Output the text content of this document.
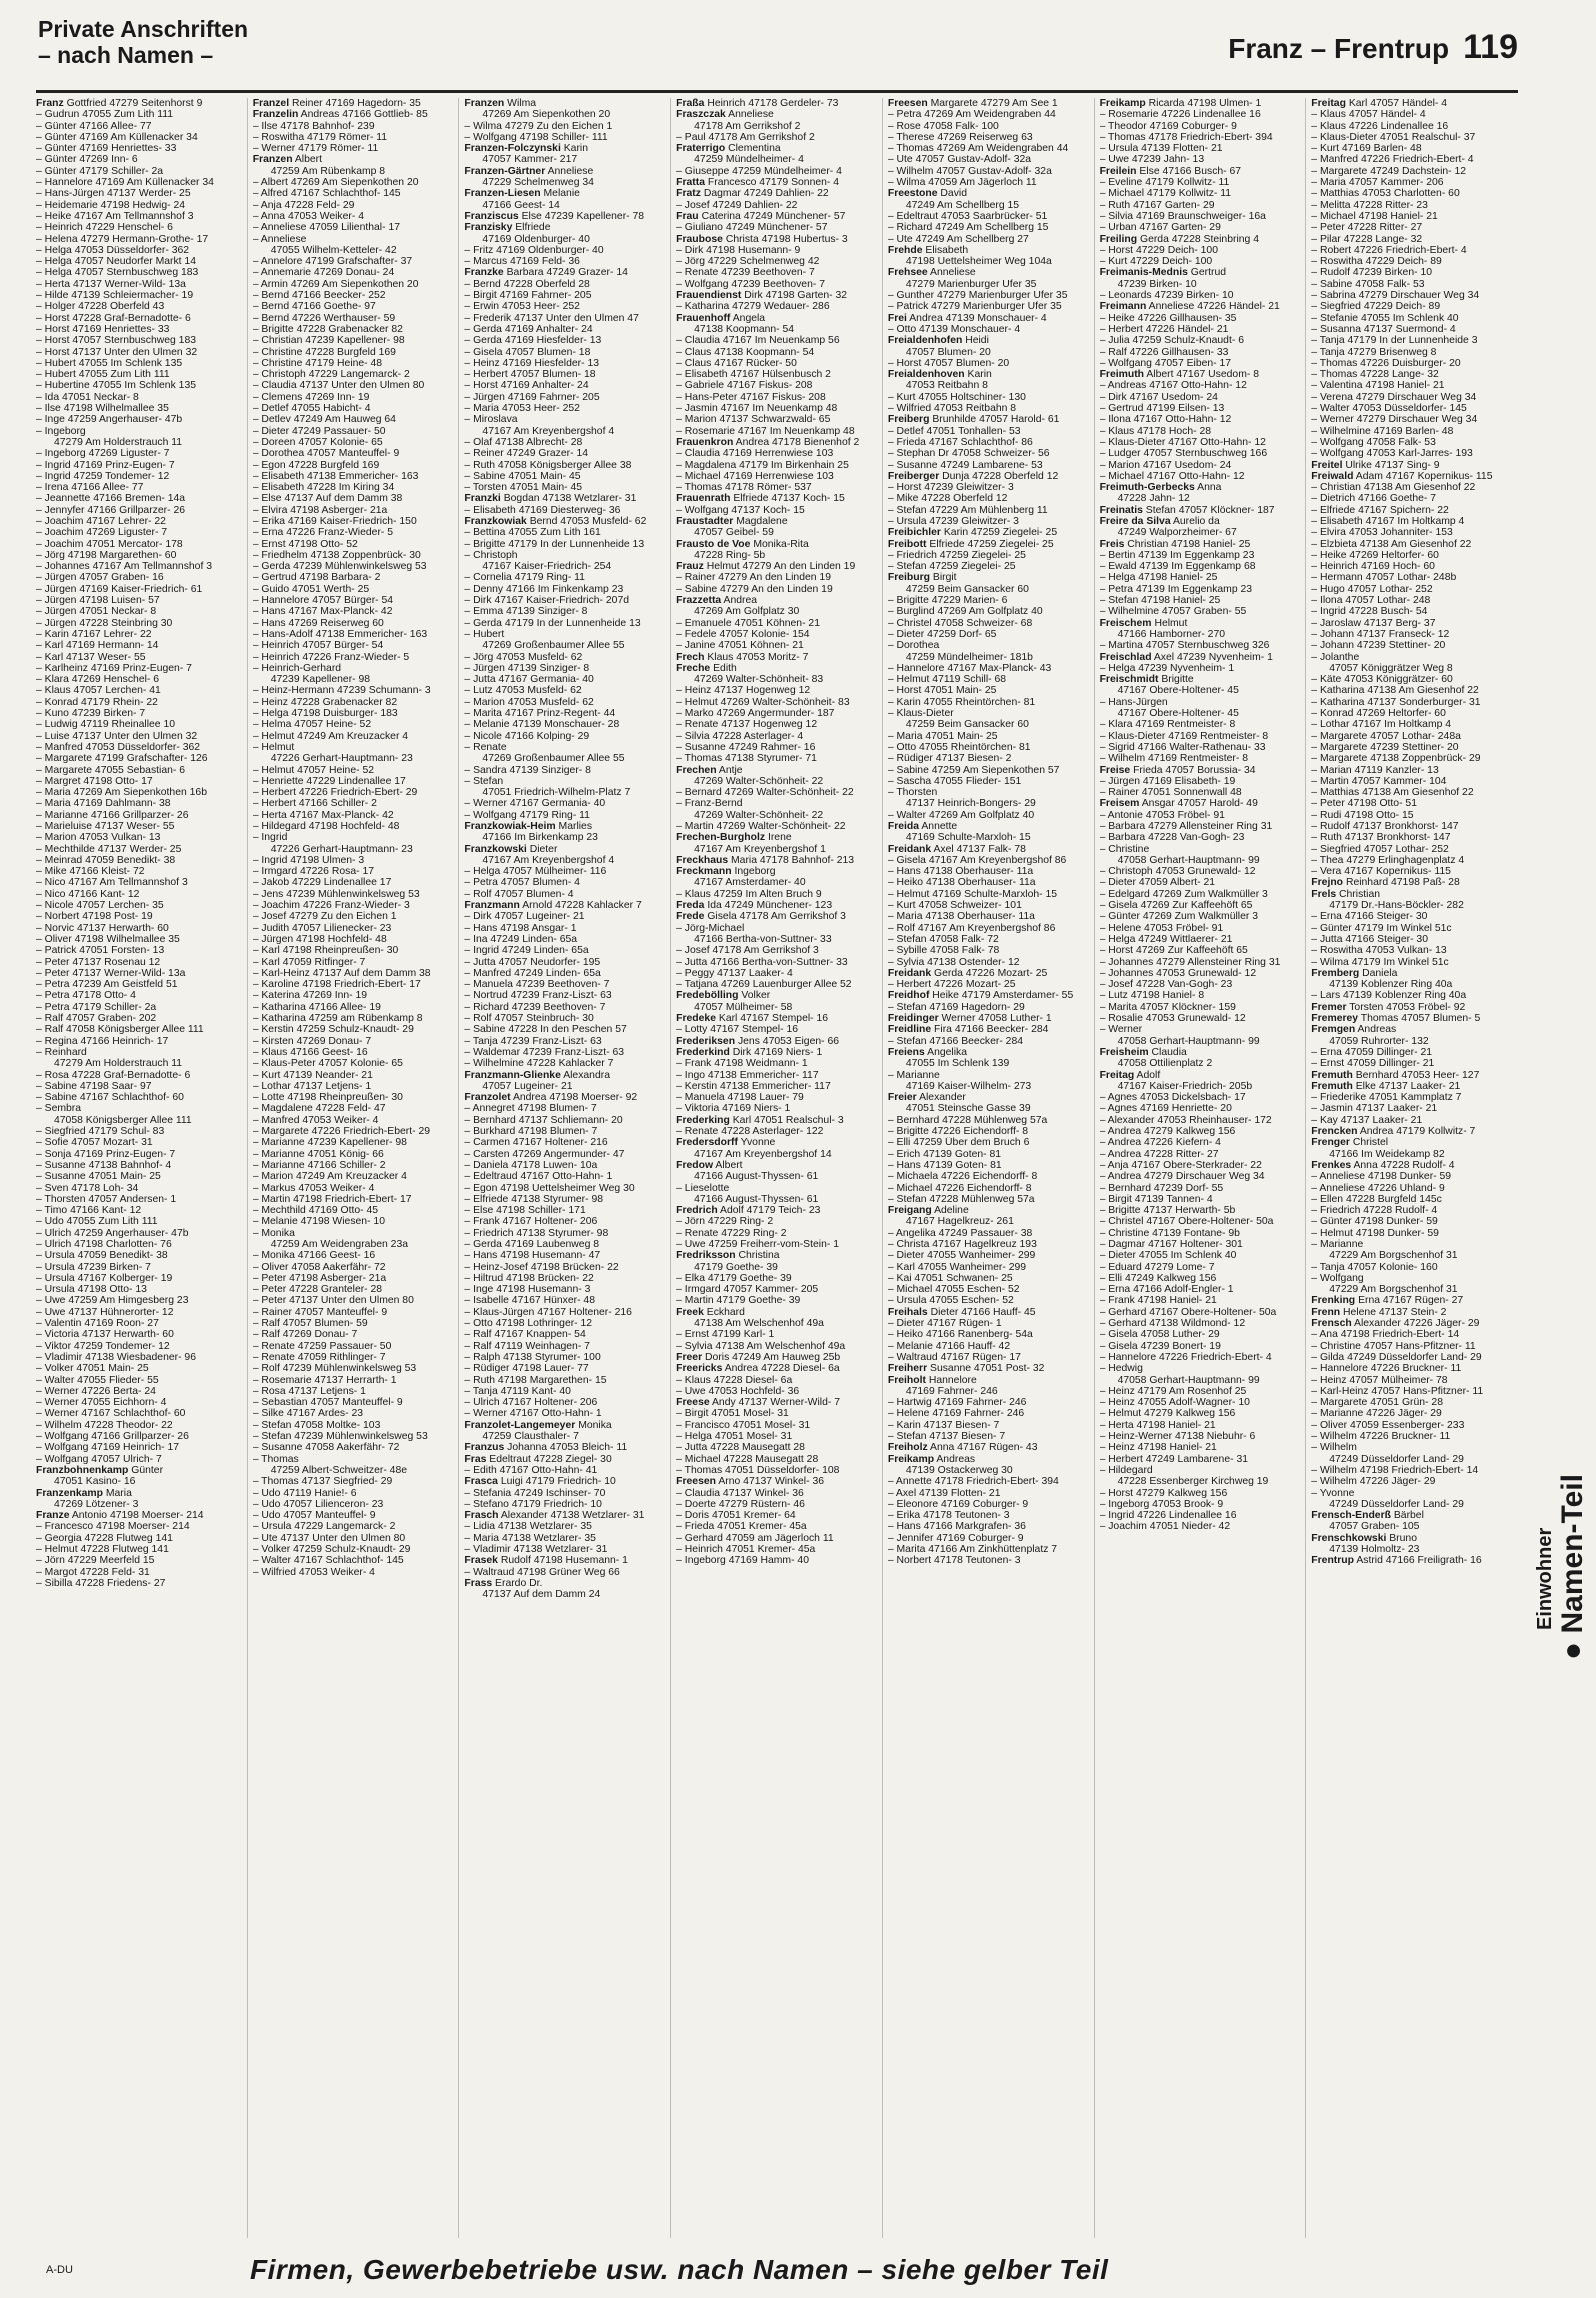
Private Anschriften
– nach Namen –	Franz – Frentrup 119
Franz Gottfried 47279 Seitenhorst 9
– Gudrun 47055 Zum Lith 111
– Günter 47166 Allee- 77
– Günter 47169 Am Küllenacker 34
– Günter 47169 Henriettes- 33
– Günter 47269 Inn- 6
– Günter 47179 Schiller- 2a
– Hannelore 47169 Am Küllenacker 34
– Hans-Jürgen 47137 Werder- 25
– Heidemarie 47198 Hedwig- 24
– Heike 47167 Am Tellmannshof 3
– Heinrich 47229 Henschel- 6
– Helena 47279 Hermann-Grothe- 17
– Helga 47053 Düsseldorfer- 362
– Helga 47057 Neudorfer Markt 14
– Helga 47057 Sternbuschweg 183
– Herta 47137 Werner-Wild- 13a
– Hilde 47139 Schleiermacher- 19
– Holger 47228 Oberfeld 43
– Horst 47228 Graf-Bernadotte- 6
– Horst 47169 Henriettes- 33
– Horst 47057 Sternbuschweg 183
– Horst 47137 Unter den Ulmen 32
– Hubert 47055 Im Schlenk 135
– Hubert 47055 Zum Lith 111
– Hubertine 47055 Im Schlenk 135
– Ida 47051 Neckar- 8
– Ilse 47198 Wilhelmallee 35
– Inge 47259 Angerhauser- 47b
– Ingeborg
47279 Am Holderstrauch 11
– Ingeborg 47269 Liguster- 7
– Ingrid 47169 Prinz-Eugen- 7
– Ingrid 47259 Tondemer- 12
– Irena 47166 Allee- 77
– Jeannette 47166 Bremen- 14a
– Jennyfer 47166 Grillparzer- 26
– Joachim 47167 Lehrer- 22
– Joachim 47269 Liguster- 7
– Joachim 47051 Mercator- 178
– Jörg 47198 Margarethen- 60
– Johannes 47167 Am Tellmannshof 3
– Jürgen 47057 Graben- 16
– Jürgen 47169 Kaiser-Friedrich- 61
– Jürgen 47198 Luisen- 57
– Jürgen 47051 Neckar- 8
– Jürgen 47228 Steinbring 30
– Karin 47167 Lehrer- 22
– Karl 47169 Hermann- 14
– Karl 47137 Weser- 55
– Karlheinz 47169 Prinz-Eugen- 7
– Klara 47269 Henschel- 6
– Klaus 47057 Lerchen- 41
– Konrad 47179 Rhein- 22
– Kuno 47239 Birken- 7
– Ludwig 47119 Rheinallee 10
– Luise 47137 Unter den Ulmen 32
– Manfred 47053 Düsseldorfer- 362
– Margarete 47199 Grafschafter- 126
– Margarete 47055 Sebastian- 6
– Margret 47198 Otto- 17
– Maria 47269 Am Siepenkothen 16b
– Maria 47169 Dahlmann- 38
– Marianne 47166 Grillparzer- 26
– Marieluise 47137 Weser- 55
– Marion 47053 Vulkan- 13
– Mechthilde 47137 Werder- 25
– Meinrad 47059 Benedikt- 38
– Mike 47166 Kleist- 72
– Nico 47167 Am Tellmannshof 3
– Nico 47166 Kant- 12
– Nicole 47057 Lerchen- 35
– Norbert 47198 Post- 19
– Norvic 47137 Herwarth- 60
– Oliver 47198 Wilhelmallee 35
– Patrick 47051 Forsten- 13
– Peter 47137 Rosenau 12
– Peter 47137 Werner-Wild- 13a
– Petra 47239 Am Geistfeld 51
– Petra 47178 Otto- 4
– Petra 47179 Schiller- 2a
– Ralf 47057 Graben- 202
– Ralf 47058 Königsberger Allee 111
– Regina 47166 Heinrich- 17
– Reinhard
47279 Am Holderstrauch 11
– Rosa 47228 Graf-Bernadotte- 6
– Sabine 47198 Saar- 97
– Sabine 47167 Schlachthof- 60
– Sembra
47058 Königsberger Allee 111
– Siegfried 47179 Schul- 83
– Sofie 47057 Mozart- 31
– Sonja 47169 Prinz-Eugen- 7
– Susanne 47138 Bahnhof- 4
– Susanne 47051 Main- 25
– Sven 47178 Loh- 34
– Thorsten 47057 Andersen- 1
– Timo 47166 Kant- 12
– Udo 47055 Zum Lith 111
– Ulrich 47259 Angerhauser- 47b
– Ulrich 47198 Charlotten- 76
– Ursula 47059 Benedikt- 38
– Ursula 47239 Birken- 7
– Ursula 47167 Kolberger- 19
– Ursula 47198 Otto- 13
– Uwe 47259 Am Himgesberg 23
– Uwe 47137 Hühnerorter- 12
– Valentin 47169 Roon- 27
– Victoria 47137 Herwarth- 60
– Viktor 47259 Tondemer- 12
– Vladimir 47138 Wiesbadener- 96
– Volker 47051 Main- 25
– Walter 47055 Flieder- 55
– Werner 47226 Berta- 24
– Werner 47055 Eichhorn- 4
– Werner 47167 Schlachthof- 60
– Wilhelm 47228 Theodor- 22
– Wolfgang 47166 Grillparzer- 26
– Wolfgang 47169 Heinrich- 17
– Wolfgang 47057 Ulrich- 7
Franzbohnenkamp Günter
47051 Kasino- 16
Franzenkamp Maria
47269 Lötzener- 3
Franze Antonio 47198 Moerser- 214
– Francesco 47198 Moerser- 214
– Georgia 47228 Flutweg 141
– Helmut 47228 Flutweg 141
– Jörn 47229 Meerfeld 15
– Margot 47228 Feld- 31
– Sibilla 47228 Friedens- 27
Franzel Reiner 47169 Hagedorn- 35
Franzelin Andreas 47166 Gottlieb- 85
– Ilse 47178 Bahnhof- 239
– Roswitha 47179 Römer- 11
– Werner 47179 Römer- 11
Franzen Albert
47259 Am Rübenkamp 8
– Albert 47269 Am Siepenkothen 20
– Alfred 47167 Schlachthof- 145
– Anja 47228 Feld- 29
– Anna 47053 Weiker- 4
– Anneliese 47059 Lilienthal- 17
– Anneliese
47055 Wilhelm-Ketteler- 42
– Annelore 47199 Grafschafter- 37
– Annemarie 47269 Donau- 24
– Armin 47269 Am Siepenkothen 20
– Bernd 47166 Beecker- 252
– Bernd 47166 Goethe- 97
– Bernd 47226 Werthauser- 59
– Brigitte 47228 Grabenacker 82
– Christian 47239 Kapellener- 98
– Christine 47228 Burgfeld 169
– Christine 47179 Heine- 48
– Christoph 47229 Langemarck- 2
– Claudia 47137 Unter den Ulmen 80
– Clemens 47269 Inn- 19
– Detlef 47055 Habicht- 4
– Detlev 47249 Am Hauweg 64
– Dieter 47249 Passauer- 50
– Doreen 47057 Kolonie- 65
– Dorothea 47057 Manteuffel- 9
– Egon 47228 Burgfeld 169
– Elisabeth 47138 Emmericher- 163
– Elisabeth 47228 Im Kiring 34
– Else 47137 Auf dem Damm 38
– Elvira 47198 Asberger- 21a
– Erika 47169 Kaiser-Friedrich- 150
– Erna 47226 Franz-Wieder- 5
– Ernst 47198 Otto- 52
– Friedhelm 47138 Zoppenbrück- 30
– Gerda 47239 Mühlenwinkelsweg 53
– Gertrud 47198 Barbara- 2
– Guido 47051 Werth- 25
– Hannelore 47057 Bürger- 54
– Hans 47167 Max-Planck- 42
– Hans 47269 Reiserweg 60
– Hans-Adolf 47138 Emmericher- 163
– Heinrich 47057 Bürger- 54
– Heinrich 47226 Franz-Wieder- 5
– Heinrich-Gerhard
47239 Kapellener- 98
– Heinz-Hermann 47239 Schumann- 3
– Heinz 47228 Grabenacker 82
– Helga 47198 Duisburger- 183
– Helma 47057 Heine- 52
– Helmut 47249 Am Kreuzacker 4
– Helmut
47226 Gerhart-Hauptmann- 23
– Helmut 47057 Heine- 52
– Henriette 47229 Lindenallee 17
– Herbert 47226 Friedrich-Ebert- 29
– Herbert 47166 Schiller- 2
– Herta 47167 Max-Planck- 42
– Hildegard 47198 Hochfeld- 48
– Ingrid
47226 Gerhart-Hauptmann- 23
– Ingrid 47198 Ulmen- 3
– Irmgard 47226 Rosa- 17
– Jakob 47229 Lindenallee 17
– Jens 47239 Mühlenwinkelsweg 53
– Joachim 47226 Franz-Wieder- 3
– Josef 47279 Zu den Eichen 1
– Judith 47057 Lilienecker- 23
– Jürgen 47198 Hochfeld- 48
– Karl 47198 Rheinpreußen- 30
– Karl 47059 Ritfinger- 7
– Karl-Heinz 47137 Auf dem Damm 38
– Karoline 47198 Friedrich-Ebert- 17
– Katerina 47269 Inn- 19
– Katharina 47166 Allee- 19
– Katharina 47259 am Rübenkamp 8
– Kerstin 47259 Schulz-Knaudt- 29
– Kirsten 47269 Donau- 7
– Klaus 47166 Geest- 16
– Klaus-Peter 47057 Kolonie- 65
– Kurt 47139 Neander- 21
– Lothar 47137 Letjens- 1
– Lotte 47198 Rheinpreußen- 30
– Magdalene 47228 Feld- 47
– Manfred 47053 Weiker- 4
– Margarete 47226 Friedrich-Ebert- 29
– Marianne 47239 Kapellener- 98
– Marianne 47051 König- 66
– Marianne 47166 Schiller- 2
– Marion 47249 Am Kreuzacker 4
– Markus 47053 Weiker- 4
– Martin 47198 Friedrich-Ebert- 17
– Mechthild 47169 Otto- 45
– Melanie 47198 Wiesen- 10
– Monika
47259 Am Weidengraben 23a
– Monika 47166 Geest- 16
– Oliver 47058 Aakerfähr- 72
– Peter 47198 Asberger- 21a
– Peter 47228 Granteler- 28
– Peter 47137 Unter den Ulmen 80
– Rainer 47057 Manteuffel- 9
– Ralf 47057 Blumen- 59
– Ralf 47269 Donau- 7
– Renate 47259 Passauer- 50
– Renate 47059 Rithlinger- 7
– Rolf 47239 Mühlenwinkelsweg 53
– Rosemarie 47137 Herrarth- 1
– Rosa 47137 Letjens- 1
– Sebastian 47057 Manteuffel- 9
– Silke 47167 Ardes- 23
– Stefan 47058 Moltke- 103
– Stefan 47239 Mühlenwinkelsweg 53
– Susanne 47058 Aakerfähr- 72
– Thomas
47259 Albert-Schweitzer- 48e
– Thomas 47137 Siegfried- 29
– Udo 47119 Hanie!- 6
– Udo 47057 Lilienceron- 23
– Udo 47057 Manteuffel- 9
– Ursula 47229 Langemarck- 2
– Ute 47137 Unter den Ulmen 80
– Volker 47259 Schulz-Knaudt- 29
– Walter 47167 Schlachthof- 145
– Wilfried 47053 Weiker- 4
Franzen Wilma
47269 Am Siepenkothen 20
– Wilma 47279 Zu den Eichen 1
– Wolfgang 47198 Schiller- 111
Franzen-Folczynski Karin
47057 Kammer- 217
Franzen-Gärtner Anneliese
47229 Schelmenweg 34
Franzen-Liesen Melanie
47166 Geest- 14
Franziscus Else 47239 Kapellener- 78
Franzisky Elfriede
47169 Oldenburger- 40
– Fritz 47169 Oldenburger- 40
– Marcus 47169 Feld- 36
Franzke Barbara 47249 Grazer- 14
– Bernd 47228 Oberfeld 28
– Birgit 47169 Fahrner- 205
– Erwin 47053 Heer- 252
– Frederik 47137 Unter den Ulmen 47
– Gerda 47169 Anhalter- 24
– Gerda 47169 Hiesfelder- 13
– Gisela 47057 Blumen- 18
– Heinz 47169 Hiesfelder- 13
– Herbert 47057 Blumen- 18
– Horst 47169 Anhalter- 24
– Jürgen 47169 Fahrner- 205
– Maria 47053 Heer- 252
– Miroslava
47167 Am Kreyenbergshof 4
– Olaf 47138 Albrecht- 28
– Reiner 47249 Grazer- 14
– Ruth 47058 Königsberger Allee 38
– Sabine 47051 Main- 45
– Torsten 47051 Main- 45
Franzki Bogdan 47138 Wetzlarer- 31
– Elisabeth 47169 Diesterweg- 36
Franzkowiak Bernd 47053 Musfeld- 62
– Bettina 47055 Zum Lith 161
– Brigitte 47179 In der Lunnenheide 13
– Christoph
47167 Kaiser-Friedrich- 254
– Cornelia 47179 Ring- 11
– Denny 47166 Im Finkenkamp 23
– Dirk 47167 Kaiser-Friedrich- 207d
– Emma 47139 Sinziger- 8
– Gerda 47179 In der Lunnenheide 13
– Hubert
47269 Großenbaumer Allee 55
– Jörg 47053 Musfeld- 62
– Jürgen 47139 Sinziger- 8
– Jutta 47167 Germania- 40
– Lutz 47053 Musfeld- 62
– Marion 47053 Musfeld- 62
– Marita 47167 Prinz-Regent- 44
– Melanie 47139 Monschauer- 28
– Nicole 47166 Kolping- 29
– Renate
47269 Großenbaumer Allee 55
– Sandra 47139 Sinziger- 8
– Stefan
47051 Friedrich-Wilhelm-Platz 7
– Werner 47167 Germania- 40
– Wolfgang 47179 Ring- 11
Franzkowiak-Heim Marlies
47166 Im Birkenkamp 23
Franzkowski Dieter
47167 Am Kreyenbergshof 4
– Helga 47057 Mülheimer- 116
– Petra 47057 Blumen- 4
– Rolf 47057 Blumen- 4
Franzmann Arnold 47228 Kahlacker 7
– Dirk 47057 Lugeiner- 21
– Hans 47198 Ansgar- 1
– Ina 47249 Linden- 65a
– Ingrid 47249 Linden- 65a
– Jutta 47057 Neudorfer- 195
– Manfred 47249 Linden- 65a
– Manuela 47239 Beethoven- 7
– Nortrud 47239 Franz-Liszt- 63
– Richard 47239 Beethoven- 7
– Rolf 47057 Steinbruch- 30
– Sabine 47228 In den Peschen 57
– Tanja 47239 Franz-Liszt- 63
– Waldemar 47239 Franz-Liszt- 63
– Wilhelmine 47228 Kahlacker 7
Franzmann-Glienke Alexandra
47057 Lugeiner- 21
Franzolet Andrea 47198 Moerser- 92
– Annegret 47198 Blumen- 7
– Bernhard 47137 Schliemann- 20
– Burkhard 47198 Blumen- 7
– Carmen 47167 Holtener- 216
– Carsten 47269 Angermunder- 47
– Daniela 47178 Luwen- 10a
– Edeltraud 47167 Otto-Hahn- 1
– Egon 47198 Uettelsheimer Weg 30
– Elfriede 47138 Styrumer- 98
– Else 47198 Schiller- 171
– Frank 47167 Holtener- 206
– Friedrich 47138 Styrumer- 98
– Gerda 47169 Laubenweg 8
– Hans 47198 Husemann- 47
– Heinz-Josef 47198 Brücken- 22
– Hiltrud 47198 Brücken- 22
– Inge 47198 Husemann- 3
– Isabelle 47167 Hünxer- 48
– Klaus-Jürgen 47167 Holtener- 216
– Otto 47198 Lothringer- 12
– Ralf 47167 Knappen- 54
– Ralf 47119 Weinhagen- 7
– Ralph 47138 Styrumer- 100
– Rüdiger 47198 Lauer- 77
– Ruth 47198 Margarethen- 15
– Tanja 47119 Kant- 40
– Ulrich 47167 Holtener- 206
– Werner 47167 Otto-Hahn- 1
Franzolet-Langemeyer Monika
47259 Clausthaler- 7
Franzus Johanna 47053 Bleich- 11
Fras Edeltraut 47228 Ziegel- 30
– Edith 47167 Otto-Hahn- 41
Frasca Luigi 47179 Friedrich- 10
– Stefania 47249 Ischinser- 70
– Stefano 47179 Friedrich- 10
Frasch Alexander 47138 Wetzlarer- 31
– Lidia 47138 Wetzlarer- 35
– Maria 47138 Wetzlarer- 35
– Vladimir 47138 Wetzlarer- 31
Frasek Rudolf 47198 Husemann- 1
– Waltraud 47198 Grüner Weg 66
Frass Erardo Dr.
47137 Auf dem Damm 24
Fraßa Heinrich 47178 Gerdeler- 73
Fraszczak Anneliese
47178 Am Gerrikshof 2
– Paul 47178 Am Gerrikshof 2
Fraterrigo Clementina
47259 Mündelheimer- 4
– Giuseppe 47259 Mündelheimer- 4
Fratta Francesco 47179 Sonnen- 4
Fratz Dagmar 47249 Dahlien- 22
– Josef 47249 Dahlien- 22
Frau Caterina 47249 Münchener- 57
– Giuliano 47249 Münchener- 57
Fraubose Christa 47198 Hubertus- 3
– Dirk 47198 Husemann- 9
– Jörg 47229 Schelmenweg 42
– Renate 47239 Beethoven- 7
– Wolfgang 47239 Beethoven- 7
Frauendienst Dirk 47198 Garten- 32
– Katharina 47279 Wedauer- 286
Frauenhoff Angela
47138 Koopmann- 54
– Claudia 47167 Im Neuenkamp 56
– Claus 47138 Koopmann- 54
– Claus 47167 Rücker- 50
– Elisabeth 47167 Hülsenbusch 2
– Gabriele 47167 Fiskus- 208
– Hans-Peter 47167 Fiskus- 208
– Jasmin 47167 Im Neuenkamp 48
– Marion 47137 Schwarzwald- 65
– Rosemarie 47167 Im Neuenkamp 48
Frauenkron Andrea 47178 Bienenhof 2
– Claudia 47169 Herrenwiese 103
– Magdalena 47179 Im Birkenhain 25
– Michael 47169 Herrenwiese 103
– Thomas 47178 Römer- 537
Frauenrath Elfriede 47137 Koch- 15
– Wolfgang 47137 Koch- 15
Fraustadter Magdalene
47057 Geibel- 59
Frausto de Voe Monika-Rita
47228 Ring- 5b
Frauz Helmut 47279 An den Linden 19
– Rainer 47279 An den Linden 19
– Sabine 47279 An den Linden 19
Frazzetta Andrea
47269 Am Golfplatz 30
– Emanuele 47051 Köhnen- 21
– Fedele 47057 Kolonie- 154
– Janine 47051 Köhnen- 21
Frech Klaus 47053 Moritz- 7
Freche Edith
47269 Walter-Schönheit- 83
– Heinz 47137 Hogenweg 12
– Helmut 47269 Walter-Schönheit- 83
– Marko 47269 Angermunder- 187
– Renate 47137 Hogenweg 12
– Silvia 47228 Asterlager- 4
– Susanne 47249 Rahmer- 16
– Thomas 47138 Styrumer- 71
Frechen Antje
47269 Walter-Schönheit- 22
– Bernard 47269 Walter-Schönheit- 22
– Franz-Bernd
47269 Walter-Schönheit- 22
– Martin 47269 Walter-Schönheit- 22
Frechen-Burgholz Irene
47167 Am Kreyenbergshof 1
Freckhaus Maria 47178 Bahnhof- 213
Freckmann Ingeborg
47167 Amsterdamer- 40
– Klaus 47259 Im Alten Bruch 9
Freda Ida 47249 Münchener- 123
Frede Gisela 47178 Am Gerrikshof 3
– Jörg-Michael
47166 Bertha-von-Suttner- 33
– Josef 47178 Am Gerrikshof 3
– Jutta 47166 Bertha-von-Suttner- 33
– Peggy 47137 Laaker- 4
– Tatjana 47269 Lauenburger Allee 52
Fredebölling Volker
47057 Mülheimer- 58
Fredeke Karl 47167 Stempel- 16
– Lotty 47167 Stempel- 16
Frederiksen Jens 47053 Eigen- 66
Frederkind Dirk 47169 Niers- 1
– Frank 47198 Weidmann- 1
– Ingo 47138 Emmericher- 117
– Kerstin 47138 Emmericher- 117
– Manuela 47198 Lauer- 79
– Viktoria 47169 Niers- 1
Frederking Karl 47051 Realschul- 3
– Renate 47228 Asterlager- 122
Fredersdorff Yvonne
47167 Am Kreyenbergshof 14
Fredow Albert
47166 August-Thyssen- 61
– Lieselotte
47166 August-Thyssen- 61
Fredrich Adolf 47179 Teich- 23
– Jörn 47229 Ring- 2
– Renate 47229 Ring- 2
– Uwe 47259 Freiherr-vom-Stein- 1
Fredriksson Christina
47179 Goethe- 39
– Elka 47179 Goethe- 39
– Irmgard 47057 Kammer- 205
– Martin 47179 Goethe- 39
Freek Eckhard
47138 Am Welschenhof 49a
– Ernst 47199 Karl- 1
– Sylvia 47138 Am Welschenhof 49a
Freer Doris 47249 Am Hauweg 25b
Freericks Andrea 47228 Diesel- 6a
– Klaus 47228 Diesel- 6a
– Uwe 47053 Hochfeld- 36
Freese Andy 47137 Werner-Wild- 7
– Birgit 47051 Mosel- 31
– Francisco 47051 Mosel- 31
– Helga 47051 Mosel- 31
– Jutta 47228 Mausegatt 28
– Michael 47228 Mausegatt 28
– Thomas 47051 Düsseldorfer- 108
Freesen Arno 47137 Winkel- 36
– Claudia 47137 Winkel- 36
– Doerte 47279 Rüstern- 46
– Doris 47051 Kremer- 64
– Frieda 47051 Kremer- 45a
– Gerhard 47059 am Jägerloch 11
– Heinrich 47051 Kremer- 45a
– Ingeborg 47169 Hamm- 40
Freesen Margarete 47279 Am See 1
– Petra 47269 Am Weidengraben 44
– Rose 47058 Falk- 100
– Therese 47269 Reiserweg 63
– Thomas 47269 Am Weidengraben 44
– Ute 47057 Gustav-Adolf- 32a
– Wilhelm 47057 Gustav-Adolf- 32a
– Wilma 47059 Am Jägerloch 11
Freestone David
47249 Am Schellberg 15
– Edeltraut 47053 Saarbrücker- 51
– Richard 47249 Am Schellberg 15
– Ute 47249 Am Schellberg 27
Frehde Elisabeth
47198 Uettelsheimer Weg 104a
Frehsee Anneliese
47279 Marienburger Ufer 35
– Gunther 47279 Marienburger Ufer 35
– Patrick 47279 Marienburger Ufer 35
Frei Andrea 47139 Monschauer- 4
– Otto 47139 Monschauer- 4
Freialdenhofen Heidi
47057 Blumen- 20
– Horst 47057 Blumen- 20
Freialdenhoven Karin
47053 Reitbahn 8
– Kurt 47055 Holtschiner- 130
– Wilfried 47053 Reitbahn 8
Freiberg Brunhilde 47057 Harold- 61
– Detlef 47051 Tonhallen- 53
– Frieda 47167 Schlachthof- 86
– Stephan Dr 47058 Schweizer- 56
– Susanne 47249 Lambarene- 53
Freiberger Dunja 47228 Oberfeld 12
– Horst 47239 Gleiwitzer- 3
– Mike 47228 Oberfeld 12
– Stefan 47229 Am Mühlenberg 11
– Ursula 47239 Gleiwitzer- 3
Freibichler Karin 47259 Ziegelei- 25
Freibott Elfriede 47259 Ziegelei- 25
– Friedrich 47259 Ziegelei- 25
– Stefan 47259 Ziegelei- 25
Freiburg Birgit
47259 Beim Gansacker 60
– Brigitte 47229 Marien- 6
– Burglind 47269 Am Golfplatz 40
– Christel 47058 Schweizer- 68
– Dieter 47259 Dorf- 65
– Dorothea
47259 Mündelheimer- 181b
– Hannelore 47167 Max-Planck- 43
– Helmut 47119 Schill- 68
– Horst 47051 Main- 25
– Karin 47055 Rheintörchen- 81
– Klaus-Dieter
47259 Beim Gansacker 60
– Maria 47051 Main- 25
– Otto 47055 Rheintörchen- 81
– Rüdiger 47137 Biesen- 2
– Sabine 47259 Am Siepenkothen 57
– Sascha 47055 Flieder- 151
– Thorsten
47137 Heinrich-Bongers- 29
– Walter 47269 Am Golfplatz 40
Freida Annette
47169 Schulte-Marxloh- 15
Freidank Axel 47137 Falk- 78
– Gisela 47167 Am Kreyenbergshof 86
– Hans 47138 Oberhauser- 11a
– Heiko 47138 Oberhauser- 11a
– Helmut 47169 Schulte-Marxloh- 15
– Kurt 47058 Schweizer- 101
– Maria 47138 Oberhauser- 11a
– Rolf 47167 Am Kreyenbergshof 86
– Stefan 47058 Falk- 72
– Sybille 47058 Falk- 78
– Sylvia 47138 Ostender- 12
Freidank Gerda 47226 Mozart- 25
– Herbert 47226 Mozart- 25
Freidhof Heike 47179 Amsterdamer- 55
– Stefan 47169 Hagedorn- 29
Freidinger Werner 47058 Luther- 1
Freidline Fira 47166 Beecker- 284
– Stefan 47166 Beecker- 284
Freiens Angelika
47055 Im Schlenk 139
– Marianne
47169 Kaiser-Wilhelm- 273
Freier Alexander
47051 Steinsche Gasse 39
– Bernhard 47228 Mühlenweg 57a
– Brigitte 47226 Eichendorff- 8
– Elli 47259 Über dem Bruch 6
– Erich 47139 Goten- 81
– Hans 47139 Goten- 81
– Michaela 47226 Eichendorff- 8
– Michael 47226 Eichendorff- 8
– Stefan 47228 Mühlenweg 57a
Freigang Adeline
47167 Hagelkreuz- 261
– Angelika 47249 Passauer- 38
– Christa 47167 Hagelkreuz 193
– Dieter 47055 Wanheimer- 299
– Karl 47055 Wanheimer- 299
– Kai 47051 Schwanen- 25
– Michael 47055 Eschen- 52
– Ursula 47055 Eschen- 52
Freihals Dieter 47166 Hauff- 45
– Dieter 47167 Rügen- 1
– Heiko 47166 Ranenberg- 54a
– Melanie 47166 Hauff- 42
– Waltraud 47167 Rügen- 17
Freiherr Susanne 47051 Post- 32
Freiholt Hannelore
47169 Fahrner- 246
– Hartwig 47169 Fahrner- 246
– Helene 47169 Fahrner- 246
– Karin 47137 Biesen- 7
– Stefan 47137 Biesen- 7
Freiholz Anna 47167 Rügen- 43
Freikamp Andreas
47139 Ostackerweg 30
– Annette 47178 Friedrich-Ebert- 394
– Axel 47139 Flotten- 21
– Eleonore 47169 Coburger- 9
– Erika 47178 Teutonen- 3
– Hans 47166 Markgrafen- 36
– Jennifer 47169 Coburger- 9
– Marita 47166 Am Zinkhüttenplatz 7
– Norbert 47178 Teutonen- 3
Freikamp Ricarda 47198 Ulmen- 1
– Rosemarie 47226 Lindenallee 16
– Theodor 47169 Coburger- 9
– Thomas 47178 Friedrich-Ebert- 394
– Ursula 47139 Flotten- 21
– Uwe 47239 Jahn- 13
Freilein Else 47166 Busch- 67
– Eveline 47179 Kollwitz- 11
– Michael 47179 Kollwitz- 11
– Ruth 47167 Garten- 29
– Silvia 47169 Braunschweiger- 16a
– Urban 47167 Garten- 29
Freiling Gerda 47228 Steinbring 4
– Horst 47229 Deich- 100
– Kurt 47229 Deich- 100
Freimanis-Mednis Gertrud
47239 Birken- 10
– Leonards 47239 Birken- 10
Freimann Anneliese 47226 Händel- 21
– Heike 47226 Gillhausen- 35
– Herbert 47226 Händel- 21
– Julia 47259 Schulz-Knaudt- 6
– Ralf 47226 Gillhausen- 33
– Wolfgang 47057 Eiben- 17
Freimuth Albert 47167 Usedom- 8
– Andreas 47167 Otto-Hahn- 12
– Dirk 47167 Usedom- 24
– Gertrud 47199 Eilsen- 13
– Ilona 47167 Otto-Hahn- 12
– Klaus 47178 Hoch- 28
– Klaus-Dieter 47167 Otto-Hahn- 12
– Ludger 47057 Sternbuschweg 166
– Marion 47167 Usedom- 24
– Michael 47167 Otto-Hahn- 12
Freimuth-Gerbecks Anna
47228 Jahn- 12
Freinatis Stefan 47057 Klöckner- 187
Freire da Silva Aurelio da
47249 Walporzheimer- 67
Freis Christian 47198 Haniel- 25
– Bertin 47139 Im Eggenkamp 23
– Ewald 47139 Im Eggenkamp 68
– Helga 47198 Haniel- 25
– Petra 47139 Im Eggenkamp 23
– Stefan 47198 Haniel- 25
– Wilhelmine 47057 Graben- 55
Freischem Helmut
47166 Hamborner- 270
– Martina 47057 Sternbuschweg 326
Freischlad Axel 47239 Nyvenheim- 1
– Helga 47239 Nyvenheim- 1
Freischmidt Brigitte
47167 Obere-Holtener- 45
– Hans-Jürgen
47167 Obere-Holtener- 45
– Klara 47169 Rentmeister- 8
– Klaus-Dieter 47169 Rentmeister- 8
– Sigrid 47166 Walter-Rathenau- 33
– Wilhelm 47169 Rentmeister- 8
Freise Frieda 47057 Borussia- 34
– Jürgen 47169 Elisabeth- 19
– Rainer 47051 Sonnenwall 48
Freisem Ansgar 47057 Harold- 49
– Antonie 47053 Fröbel- 91
– Barbara 47279 Allensteiner Ring 31
– Barbara 47228 Van-Gogh- 23
– Christine
47058 Gerhart-Hauptmann- 99
– Christoph 47053 Grunewald- 12
– Dieter 47059 Albert- 21
– Edelgard 47269 Zum Walkmüller 3
– Gisela 47269 Zur Kaffeehöft 65
– Günter 47269 Zum Walkmüller 3
– Helene 47053 Fröbel- 91
– Helga 47249 Wittlaerer- 21
– Horst 47269 Zur Kaffeehöft 65
– Johannes 47279 Allensteiner Ring 31
– Johannes 47053 Grunewald- 12
– Josef 47228 Van-Gogh- 23
– Lutz 47198 Haniel- 8
– Marita 47057 Klöckner- 159
– Rosalie 47053 Grunewald- 12
– Werner
47058 Gerhart-Hauptmann- 99
Freisheim Claudia
47058 Ottilienplatz 2
Freitag Adolf
47167 Kaiser-Friedrich- 205b
– Agnes 47053 Dickelsbach- 17
– Agnes 47169 Henriette- 20
– Alexander 47053 Rheinhauser- 172
– Andrea 47279 Kalkweg 156
– Andrea 47226 Kiefern- 4
– Andrea 47228 Ritter- 27
– Anja 47167 Obere-Sterkrader- 22
– Andrea 47279 Dirschauer Weg 34
– Bernhard 47239 Dorf- 55
– Birgit 47139 Tannen- 4
– Brigitte 47137 Herwarth- 5b
– Christel 47167 Obere-Holtener- 50a
– Christine 47139 Fontane- 9b
– Dagmar 47167 Holtener- 301
– Dieter 47055 Im Schlenk 40
– Eduard 47279 Lome- 7
– Elli 47249 Kalkweg 156
– Erna 47166 Adolf-Engler- 1
– Frank 47198 Haniel- 21
– Gerhard 47167 Obere-Holtener- 50a
– Gerhard 47138 Wildmond- 12
– Gisela 47058 Luther- 29
– Gisela 47239 Bonert- 19
– Hannelore 47226 Friedrich-Ebert- 4
– Hedwig
47058 Gerhart-Hauptmann- 99
– Heinz 47179 Am Rosenhof 25
– Heinz 47055 Adolf-Wagner- 10
– Helmut 47279 Kalkweg 156
– Herta 47198 Haniel- 21
– Heinz-Werner 47138 Niebuhr- 6
– Heinz 47198 Haniel- 21
– Herbert 47249 Lambarene- 31
– Hildegard
47228 Essenberger Kirchweg 19
– Horst 47279 Kalkweg 156
– Ingeborg 47053 Brook- 9
– Ingrid 47226 Lindenallee 16
– Joachim 47051 Nieder- 42
Freitag Karl 47057 Händel- 4
– Klaus 47057 Händel- 4
– Klaus 47226 Lindenallee 16
– Klaus-Dieter 47051 Realschul- 37
– Kurt 47169 Barlen- 48
– Manfred 47226 Friedrich-Ebert- 4
– Margarete 47249 Dachstein- 12
– Maria 47057 Kammer- 206
– Matthias 47053 Charlotten- 60
– Melitta 47228 Ritter- 23
– Michael 47198 Haniel- 21
– Peter 47228 Ritter- 27
– Pilar 47228 Lange- 32
– Robert 47226 Friedrich-Ebert- 4
– Roswitha 47229 Deich- 89
– Rudolf 47239 Birken- 10
– Sabine 47058 Falk- 53
– Sabrina 47279 Dirschauer Weg 34
– Siegfried 47229 Deich- 89
– Stefanie 47055 Im Schlenk 40
– Susanna 47137 Suermond- 4
– Tanja 47179 In der Lunnenheide 3
– Tanja 47279 Brisenweg 8
– Thomas 47226 Duisburger- 20
– Thomas 47228 Lange- 32
– Valentina 47198 Haniel- 21
– Verena 47279 Dirschauer Weg 34
– Walter 47053 Düsseldorfer- 145
– Werner 47279 Dirschauer Weg 34
– Wilhelmine 47169 Barlen- 48
– Wolfgang 47058 Falk- 53
– Wolfgang 47053 Karl-Jarres- 193
Freitel Ulrike 47137 Sing- 9
Freiwald Adam 47167 Kopernikus- 115
– Christian 47138 Am Giesenhof 22
– Dietrich 47166 Goethe- 7
– Elfriede 47167 Spichern- 22
– Elisabeth 47167 Im Holtkamp 4
– Elvira 47053 Johanniter- 153
– Elzbieta 47138 Am Giesenhof 22
– Heike 47269 Heltorfer- 60
– Heinrich 47169 Hoch- 60
– Hermann 47057 Lothar- 248b
– Hugo 47057 Lothar- 252
– Ilona 47057 Lothar- 248
– Ingrid 47228 Busch- 54
– Jaroslaw 47137 Berg- 37
– Johann 47137 Franseck- 12
– Johann 47239 Stettiner- 20
– Jolanthe
47057 Königgrätzer Weg 8
– Käte 47053 Königgrätzer- 60
– Katharina 47138 Am Giesenhof 22
– Katharina 47137 Sonderburger- 31
– Konrad 47269 Heltorfer- 60
– Lothar 47167 Im Holtkamp 4
– Margarete 47057 Lothar- 248a
– Margarete 47239 Stettiner- 20
– Margarete 47138 Zoppenbrück- 29
– Marian 47119 Kanzler- 13
– Martin 47057 Kammer- 104
– Matthias 47138 Am Giesenhof 22
– Peter 47198 Otto- 51
– Rudi 47198 Otto- 15
– Rudolf 47137 Bronkhorst- 147
– Ruth 47137 Bronkhorst- 147
– Siegfried 47057 Lothar- 252
– Thea 47279 Erlinghagenplatz 4
– Vera 47167 Kopernikus- 115
Frejno Reinhard 47198 Paß- 28
Frels Christian
47179 Dr.-Hans-Böckler- 282
– Erna 47166 Steiger- 30
– Günter 47179 Im Winkel 51c
– Jutta 47166 Steiger- 30
– Roswitha 47053 Vulkan- 13
– Wilma 47179 Im Winkel 51c
Fremberg Daniela
47139 Koblenzer Ring 40a
– Lars 47139 Koblenzer Ring 40a
Fremer Torsten 47053 Fröbel- 92
Fremerey Thomas 47057 Blumen- 5
Fremgen Andreas
47059 Ruhrorter- 132
– Erna 47059 Dillinger- 21
– Ernst 47059 Dillinger- 21
Fremuth Bernhard 47053 Heer- 127
Fremuth Elke 47137 Laaker- 21
– Friederike 47051 Kammplatz 7
– Jasmin 47137 Laaker- 21
– Kay 47137 Laaker- 21
Frencken Andrea 47179 Kollwitz- 7
Frenger Christel
47166 Im Weidekamp 82
Frenkes Anna 47228 Rudolf- 4
– Anneliese 47198 Dunker- 59
– Anneliese 47226 Uhland- 9
– Ellen 47228 Burgfeld 145c
– Friedrich 47228 Rudolf- 4
– Günter 47198 Dunker- 59
– Helmut 47198 Dunker- 59
– Marianne
47229 Am Borgschenhof 31
– Tanja 47057 Kolonie- 160
– Wolfgang
47229 Am Borgschenhof 31
Frenking Erna 47167 Rügen- 27
Frenn Helene 47137 Stein- 2
Frensch Alexander 47226 Jäger- 29
– Ana 47198 Friedrich-Ebert- 14
– Christine 47057 Hans-Pfitzner- 11
– Gilda 47249 Düsseldorfer Land- 29
– Hannelore 47226 Bruckner- 11
– Heinz 47057 Mülheimer- 78
– Karl-Heinz 47057 Hans-Pfitzner- 11
– Margarete 47051 Grün- 28
– Marianne 47226 Jäger- 29
– Oliver 47059 Essenberger- 233
– Wilhelm 47226 Bruckner- 11
– Wilhelm
47249 Düsseldorfer Land- 29
– Wilhelm 47198 Friedrich-Ebert- 14
– Wilhelm 47226 Jäger- 29
– Yvonne
47249 Düsseldorfer Land- 29
Frensch-Enderß Bärbel
47057 Graben- 105
Frenschkowski Bruno
47139 Holmoltz- 23
Frentrup Astrid 47166 Freiligrath- 16	Einwohner
● Namen-Teil
A-DU	Firmen, Gewerbebetriebe usw. nach Namen – siehe gelber Teil
